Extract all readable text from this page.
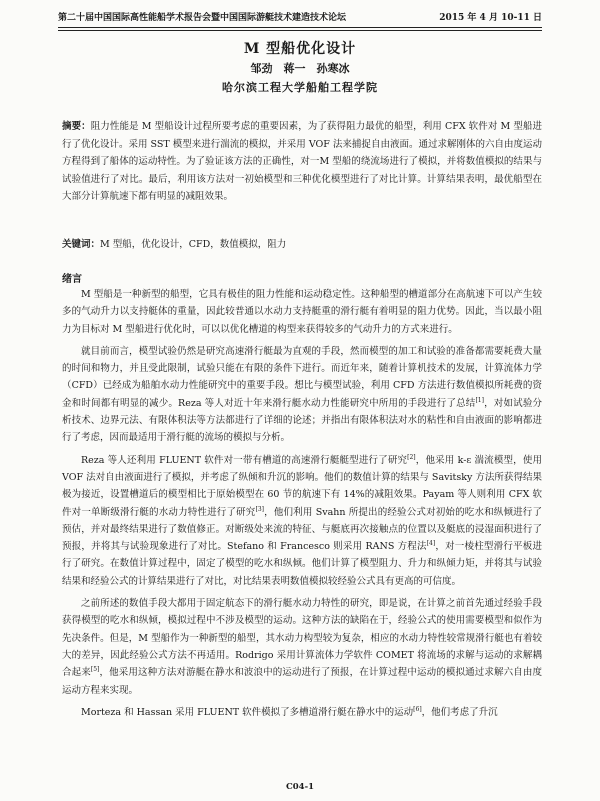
第二十届中国国际高性能船学术报告会暨中国国际游艇技术建造技术论坛	2015 年 4 月 10-11 日
M 型船优化设计
邹劲　蒋一　孙寒冰
哈尔滨工程大学船舶工程学院
摘要：阻力性能是 M 型船设计过程所要考虑的重要因素，为了获得阻力最优的船型，利用 CFX 软件对 M 型船进行了优化设计。采用 SST 模型来进行湍流的模拟，并采用 VOF 法来捕捉自由液面。通过求解刚体的六自由度运动方程得到了船体的运动特性。为了验证该方法的正确性，对一M 型船的绕流场进行了模拟，并将数值模拟的结果与试验值进行了对比。最后，利用该方法对一初始模型和三种优化模型进行了对比计算。计算结果表明，最优船型在大部分计算航速下都有明显的减阻效果。
关键词：M 型船，优化设计，CFD，数值模拟，阻力
绪言

M 型船是一种新型的船型，它具有极佳的阻力性能和运动稳定性。这种船型的槽道部分在高航速下可以产生较多的气动升力以支持艇体的重量，因此较普通以水动力支持艇重的滑行艇有着明显的阻力优势。因此，当以最小阻力为目标对 M 型船进行优化时，可以以优化槽道的构型来获得较多的气动升力的方式来进行。

就目前而言，模型试验仍然是研究高速滑行艇最为直观的手段，然而模型的加工和试验的准备都需要耗费大量的时间和物力，并且受此限制，试验只能在有限的条件下进行。而近年来，随着计算机技术的发展，计算流体力学（CFD）已经成为船舶水动力性能研究中的重要手段。想比与模型试验，利用 CFD 方法进行数值模拟所耗费的资金和时间都有明显的减少。Reza 等人对近十年来滑行艇水动力性能研究中所用的手段进行了总结[1]，对如试验分析技术、边界元法、有限体积法等方法都进行了详细的论述；并指出有限体积法对水的粘性和自由液面的影响都进行了考虑，因而最适用于滑行艇的流场的模拟与分析。

Reza 等人还利用 FLUENT 软件对一带有槽道的高速滑行艇艇型进行了研究[2]，他采用 k-ε 湍流模型，使用 VOF 法对自由液面进行了模拟，并考虑了纵倾和升沉的影响。他们的数值计算的结果与 Savitsky 方法所获得结果极为接近，设置槽道后的模型相比于原始模型在 60 节的航速下有 14%的减阻效果。Payam 等人则利用 CFX 软件对一单断级滑行艇的水动力特性进行了研究[3]，他们利用 Svahn 所提出的经验公式对初始的吃水和纵倾进行了预估，并对最终结果进行了数值修正。对断级处来流的特征、与艇底再次接触点的位置以及艇底的浸湿面积进行了预报，并将其与试验现象进行了对比。Stefano 和 Francesco 则采用 RANS 方程法[4]，对一棱柱型滑行平板进行了研究。在数值计算过程中，固定了模型的吃水和纵倾。他们计算了模型阻力、升力和纵倾力矩，并将其与试验结果和经验公式的计算结果进行了对比，对比结果表明数值模拟较经验公式具有更高的可信度。

之前所述的数值手段大都用于固定航态下的滑行艇水动力特性的研究，即是说，在计算之前首先通过经验手段获得模型的吃水和纵倾，模拟过程中不涉及模型的运动。这种方法的缺陷在于，经验公式的使用需要模型和似作为先决条件。但是，M 型船作为一种新型的船型，其水动力构型较为复杂，相应的水动力特性较常规滑行艇也有着较大的差异，因此经验公式方法不再适用。Rodrigo 采用计算流体力学软件 COMET 将流场的求解与运动的求解耦合起来[5]，他采用这种方法对游艇在静水和波浪中的运动进行了预报，在计算过程中运动的模拟通过求解六自由度运动方程来实现。

Morteza 和 Hassan 采用 FLUENT 软件模拟了多槽道滑行艇在静水中的运动[6]，他们考虑了升沉

C04-1
